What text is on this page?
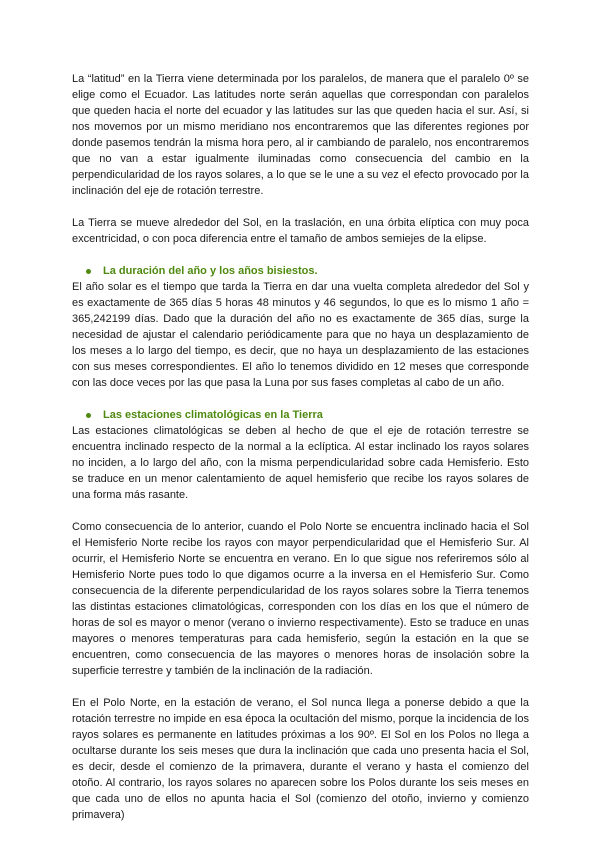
La “latitud” en la Tierra viene determinada por los paralelos, de manera que el paralelo 0º se elige como el Ecuador. Las latitudes norte serán aquellas que correspondan con paralelos que queden hacia el norte del ecuador y las latitudes sur las que queden hacia el sur. Así, si nos movemos por un mismo meridiano nos encontraremos que las diferentes regiones por donde pasemos tendrán la misma hora pero, al ir cambiando de paralelo, nos encontraremos que no van a estar igualmente iluminadas como consecuencia del cambio en la perpendicularidad de los rayos solares, a lo que se le une a su vez el efecto provocado por la inclinación del eje de rotación terrestre.

La Tierra se mueve alrededor del Sol, en la traslación, en una órbita elíptica con muy poca excentricidad, o con poca diferencia entre el tamaño de ambos semiejes de la elipse.

La duración del año y los años bisiestos.

El año solar es el tiempo que tarda la Tierra en dar una vuelta completa alrededor del Sol y es exactamente de 365 días 5 horas 48 minutos y 46 segundos, lo que es lo mismo 1 año = 365,242199 días. Dado que la duración del año no es exactamente de 365 días, surge la necesidad de ajustar el calendario periódicamente para que no haya un desplazamiento de los meses a lo largo del tiempo, es decir, que no haya un desplazamiento de las estaciones con sus meses correspondientes. El año lo tenemos dividido en 12 meses que corresponde con las doce veces por las que pasa la Luna por sus fases completas al cabo de un año.

Las estaciones climatológicas en la Tierra

Las estaciones climatológicas se deben al hecho de que el eje de rotación terrestre se encuentra inclinado respecto de la normal a la eclíptica. Al estar inclinado los rayos solares no inciden, a lo largo del año, con la misma perpendicularidad sobre cada Hemisferio. Esto se traduce en un menor calentamiento de aquel hemisferio que recibe los rayos solares de una forma más rasante.

Como consecuencia de lo anterior, cuando el Polo Norte se encuentra inclinado hacia el Sol el Hemisferio Norte recibe los rayos con mayor perpendicularidad que el Hemisferio Sur. Al ocurrir, el Hemisferio Norte se encuentra en verano. En lo que sigue nos referiremos sólo al Hemisferio Norte pues todo lo que digamos ocurre a la inversa en el Hemisferio Sur. Como consecuencia de la diferente perpendicularidad de los rayos solares sobre la Tierra tenemos las distintas estaciones climatológicas, corresponden con los días en los que el número de horas de sol es mayor o menor (verano o invierno respectivamente). Esto se traduce en unas mayores o menores temperaturas para cada hemisferio, según la estación en la que se encuentren, como consecuencia de las mayores o menores horas de insolación sobre la superficie terrestre y también de la inclinación de la radiación.

En el Polo Norte, en la estación de verano, el Sol nunca llega a ponerse debido a que la rotación terrestre no impide en esa época la ocultación del mismo, porque la incidencia de los rayos solares es permanente en latitudes próximas a los 90º. El Sol en los Polos no llega a ocultarse durante los seis meses que dura la inclinación que cada uno presenta hacia el Sol, es decir, desde el comienzo de la primavera, durante el verano y hasta el comienzo del otoño. Al contrario, los rayos solares no aparecen sobre los Polos durante los seis meses en que cada uno de ellos no apunta hacia el Sol (comienzo del otoño, invierno y comienzo primavera)
